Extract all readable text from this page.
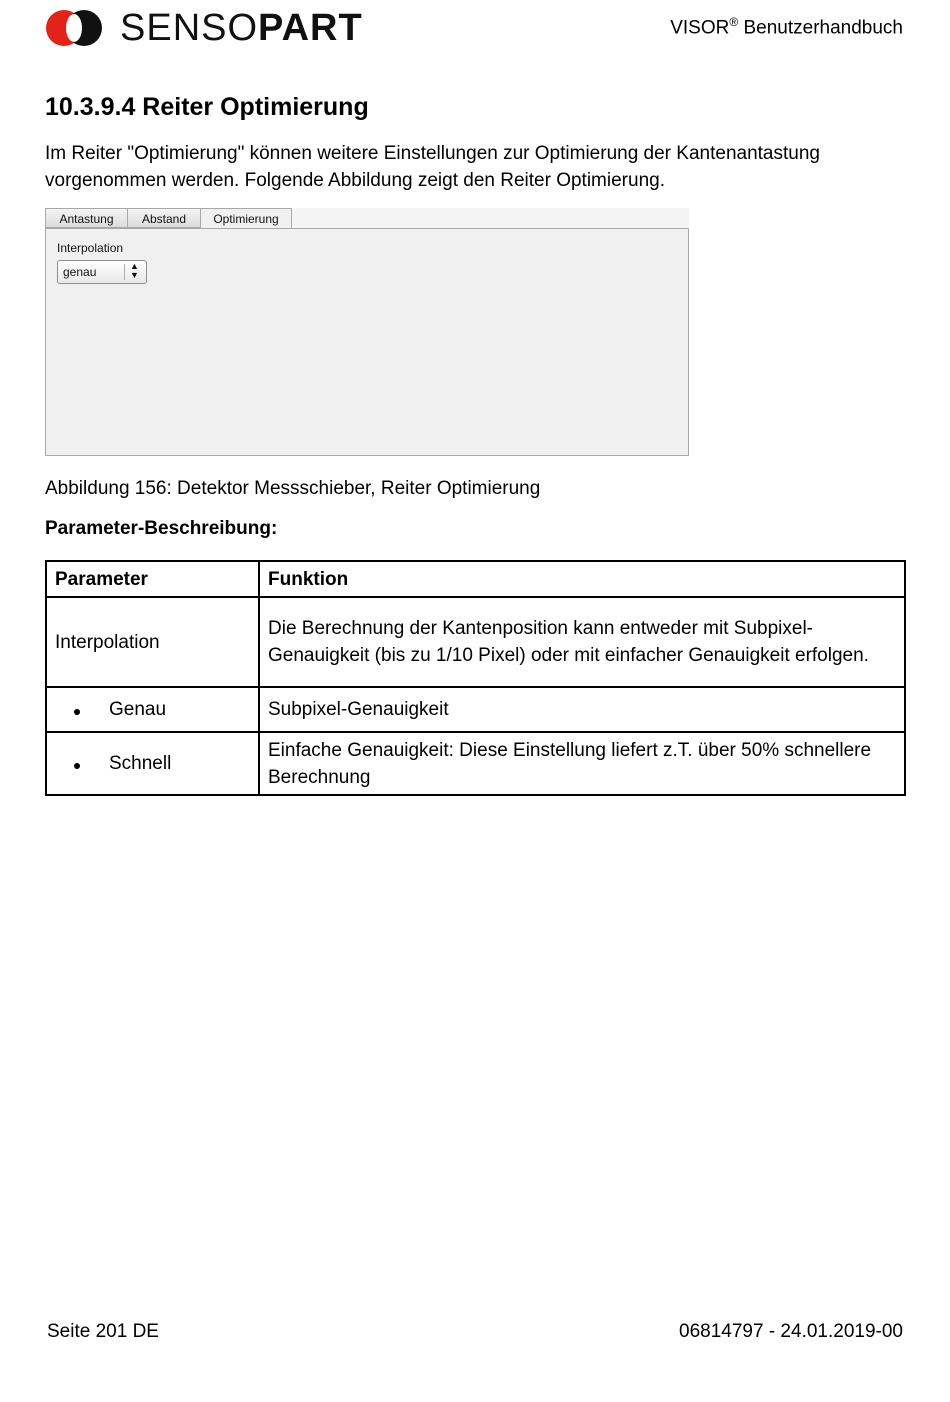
SENSOPART	VISOR® Benutzerhandbuch
10.3.9.4 Reiter Optimierung

Im Reiter "Optimierung" können weitere Einstellungen zur Optimierung der Kantenantastung vorgenommen werden. Folgende Abbildung zeigt den Reiter Optimierung.

Antastung	Abstand	Optimierung
Interpolation
genau	▲
▼

Abbildung 156: Detektor Messschieber, Reiter Optimierung

Parameter-Beschreibung:

Parameter	Funktion
Interpolation	Die Berechnung der Kantenposition kann entweder mit Subpixel-Genauigkeit (bis zu 1/10 Pixel) oder mit einfacher Genauigkeit erfolgen.

Genau	Subpixel-Genauigkeit

Schnell	Einfache Genauigkeit: Diese Einstellung liefert z.T. über 50% schnellere Berechnung
Seite 201 DE	06814797 - 24.01.2019-00
